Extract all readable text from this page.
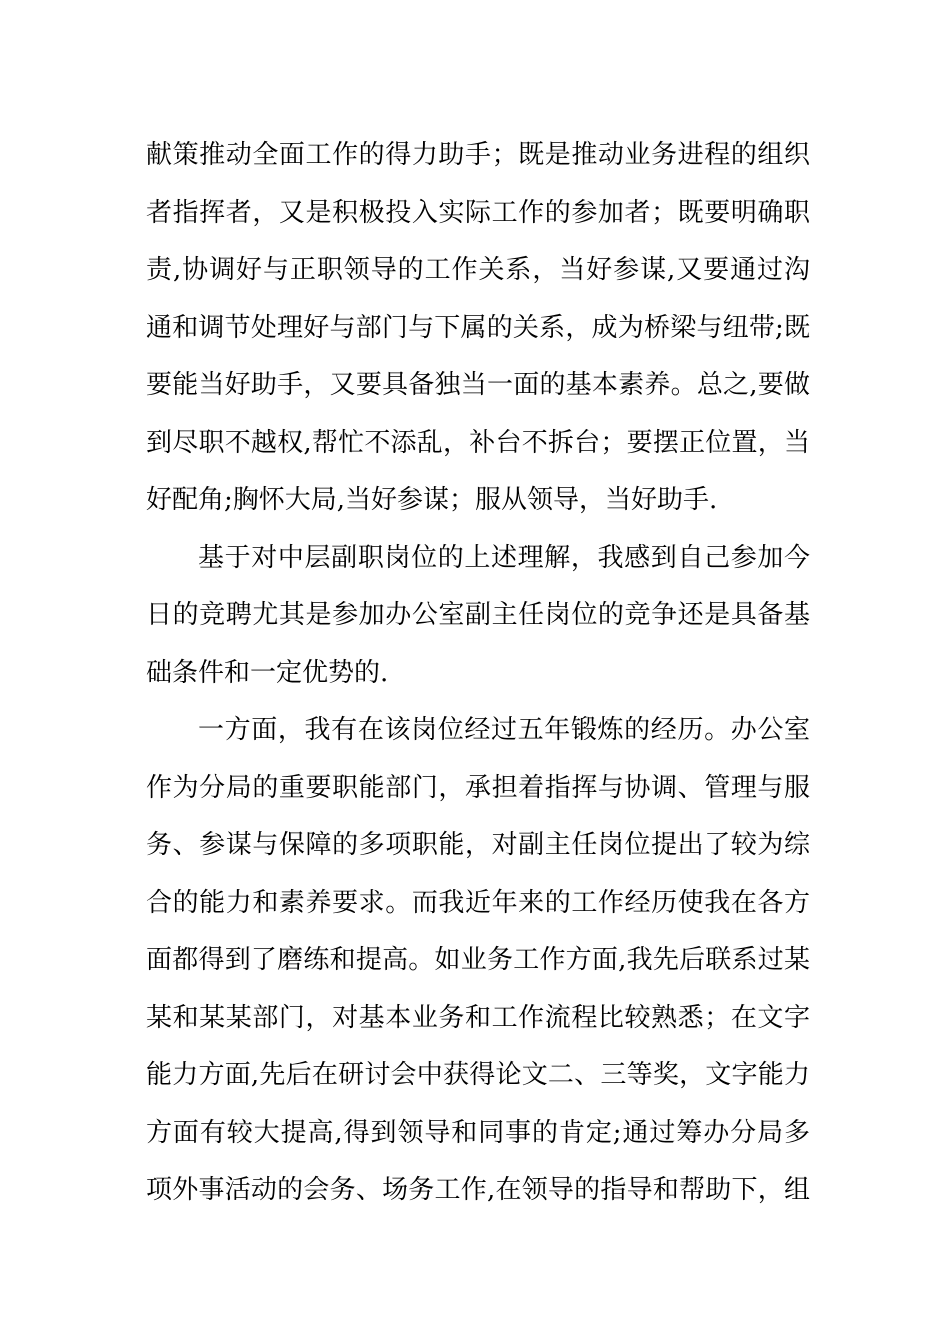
献策推动全面工作的得力助手；既是推动业务进程的组织
者指挥者，又是积极投入实际工作的参加者；既要明确职
责,协调好与正职领导的工作关系，当好参谋,又要通过沟
通和调节处理好与部门与下属的关系，成为桥梁与纽带;既
要能当好助手，又要具备独当一面的基本素养。总之,要做
到尽职不越权,帮忙不添乱，补台不拆台；要摆正位置，当
好配角;胸怀大局,当好参谋；服从领导，当好助手.
基于对中层副职岗位的上述理解，我感到自己参加今
日的竞聘尤其是参加办公室副主任岗位的竞争还是具备基
础条件和一定优势的.
一方面，我有在该岗位经过五年锻炼的经历。办公室
作为分局的重要职能部门，承担着指挥与协调、管理与服
务、参谋与保障的多项职能，对副主任岗位提出了较为综
合的能力和素养要求。而我近年来的工作经历使我在各方
面都得到了磨练和提高。如业务工作方面,我先后联系过某
某和某某部门，对基本业务和工作流程比较熟悉；在文字
能力方面,先后在研讨会中获得论文二、三等奖，文字能力
方面有较大提高,得到领导和同事的肯定;通过筹办分局多
项外事活动的会务、场务工作,在领导的指导和帮助下，组
